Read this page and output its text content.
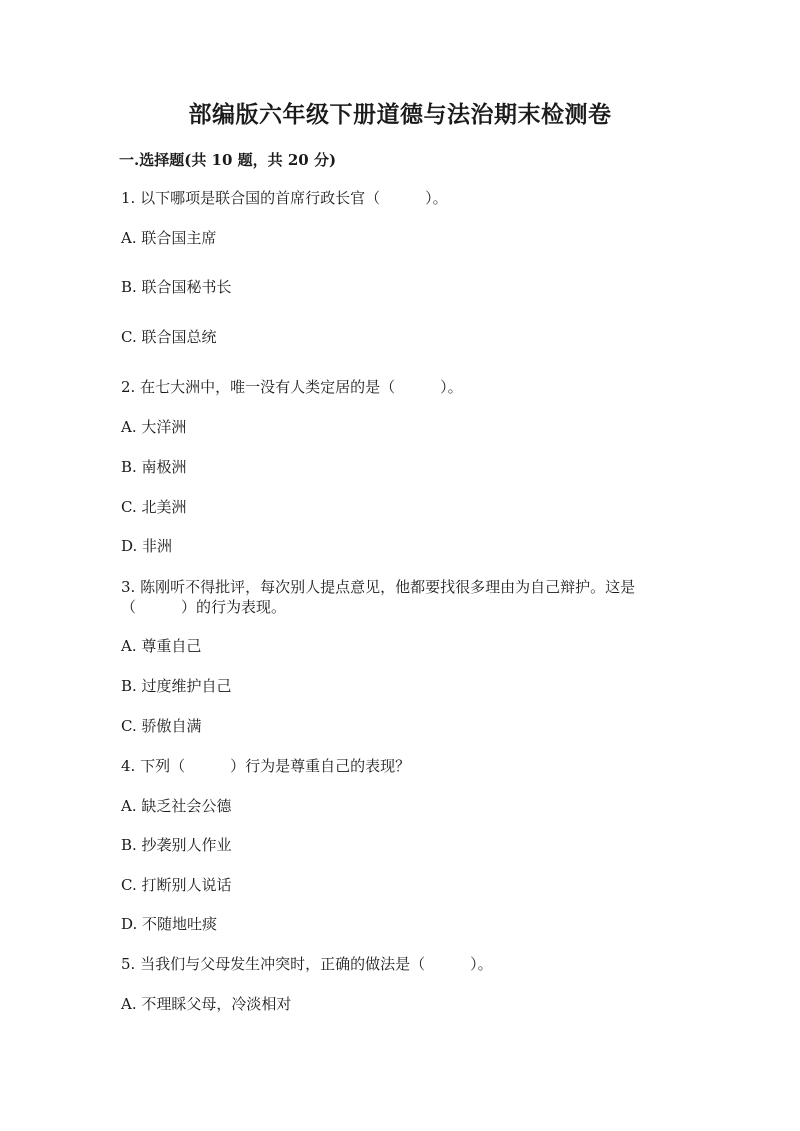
部编版六年级下册道德与法治期末检测卷
一.选择题(共 10 题，共 20 分)
1. 以下哪项是联合国的首席行政长官（　　　）。
A. 联合国主席
B. 联合国秘书长
C. 联合国总统
2. 在七大洲中，唯一没有人类定居的是（　　　）。
A. 大洋洲
B. 南极洲
C. 北美洲
D. 非洲
3. 陈刚听不得批评，每次别人提点意见，他都要找很多理由为自己辩护。这是
（　　　）的行为表现。
A. 尊重自己
B. 过度维护自己
C. 骄傲自满
4. 下列（　　　）行为是尊重自己的表现？
A. 缺乏社会公德
B. 抄袭别人作业
C. 打断别人说话
D. 不随地吐痰
5. 当我们与父母发生冲突时，正确的做法是（　　　）。
A. 不理睬父母，冷淡相对
